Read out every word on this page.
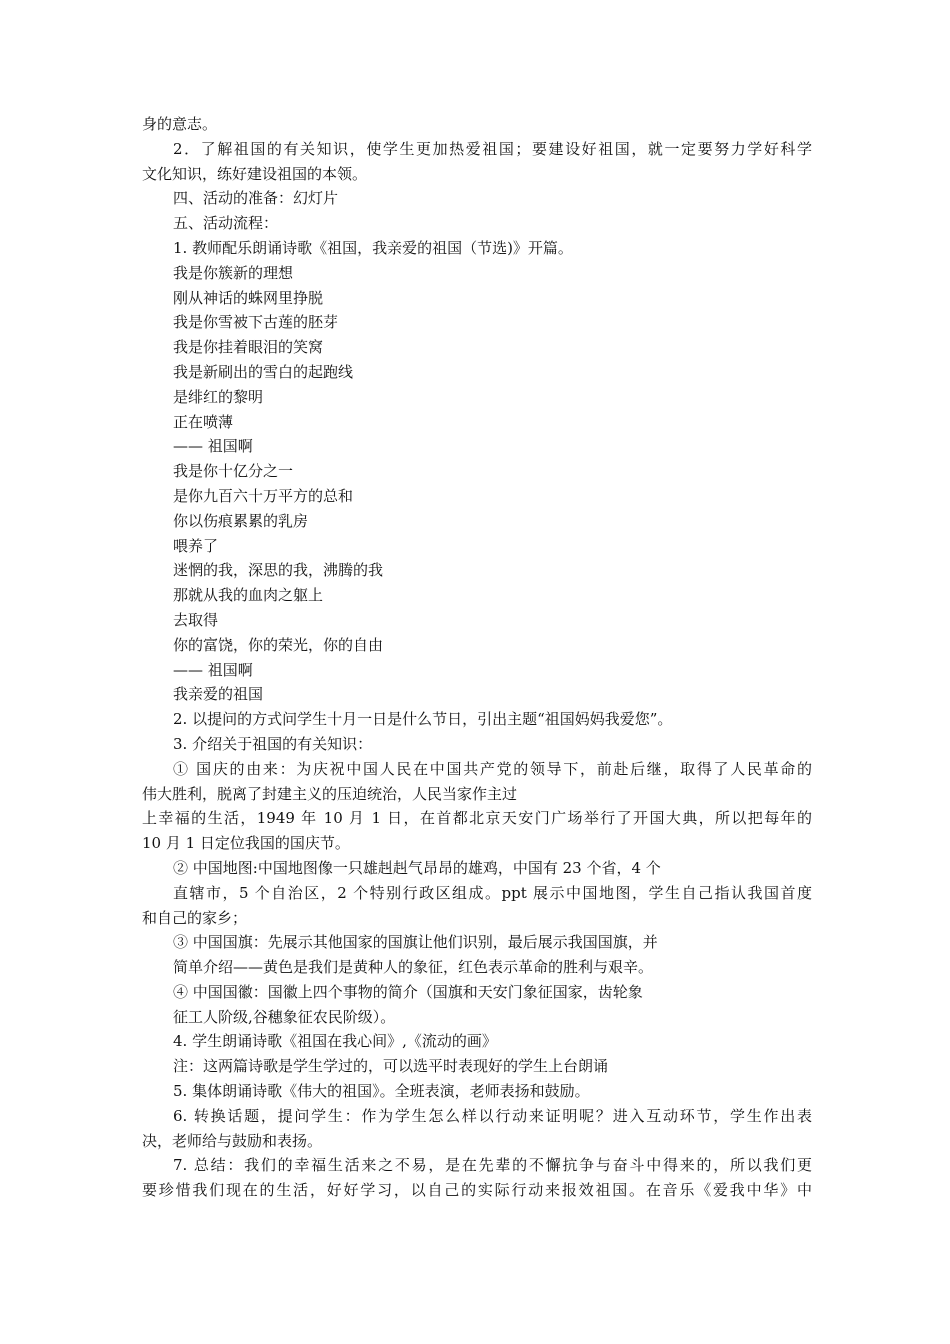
身的意志。

2．了解祖国的有关知识，使学生更加热爱祖国；要建设好祖国，就一定要努力学好科学

文化知识，练好建设祖国的本领。

四、活动的准备：幻灯片

五、活动流程：

1. 教师配乐朗诵诗歌《祖国，我亲爱的祖国（节选)》开篇。

我是你簇新的理想

刚从神话的蛛网里挣脱

我是你雪被下古莲的胚芽

我是你挂着眼泪的笑窝

我是新刷出的雪白的起跑线

是绯红的黎明

正在喷薄

—— 祖国啊

我是你十亿分之一

是你九百六十万平方的总和

你以伤痕累累的乳房

喂养了

迷惘的我，深思的我，沸腾的我

那就从我的血肉之躯上

去取得

你的富饶，你的荣光，你的自由

—— 祖国啊

我亲爱的祖国

2. 以提问的方式问学生十月一日是什么节日，引出主题“祖国妈妈我爱您”。

3. 介绍关于祖国的有关知识：

① 国庆的由来：为庆祝中国人民在中国共产党的领导下，前赴后继，取得了人民革命的

伟大胜利，脱离了封建主义的压迫统治，人民当家作主过

上幸福的生活，1949 年 10 月 1 日，在首都北京天安门广场举行了开国大典，所以把每年的

10 月 1 日定位我国的国庆节。

② 中国地图:中国地图像一只雄赳赳气昂昂的雄鸡，中国有 23 个省，4 个

直辖市，5 个自治区，2 个特别行政区组成。ppt 展示中国地图，学生自己指认我国首度

和自己的家乡；

③ 中国国旗：先展示其他国家的国旗让他们识别，最后展示我国国旗，并

简单介绍——黄色是我们是黄种人的象征，红色表示革命的胜利与艰辛。

④ 中国国徽：国徽上四个事物的简介（国旗和天安门象征国家，齿轮象

征工人阶级,谷穗象征农民阶级）。

4. 学生朗诵诗歌《祖国在我心间》,《流动的画》

注：这两篇诗歌是学生学过的，可以选平时表现好的学生上台朗诵

5. 集体朗诵诗歌《伟大的祖国》。全班表演，老师表扬和鼓励。

6. 转换话题，提问学生：作为学生怎么样以行动来证明呢？进入互动环节，学生作出表

决，老师给与鼓励和表扬。

7. 总结：我们的幸福生活来之不易，是在先辈的不懈抗争与奋斗中得来的，所以我们更

要珍惜我们现在的生活，好好学习，以自己的实际行动来报效祖国。在音乐《爱我中华》中
